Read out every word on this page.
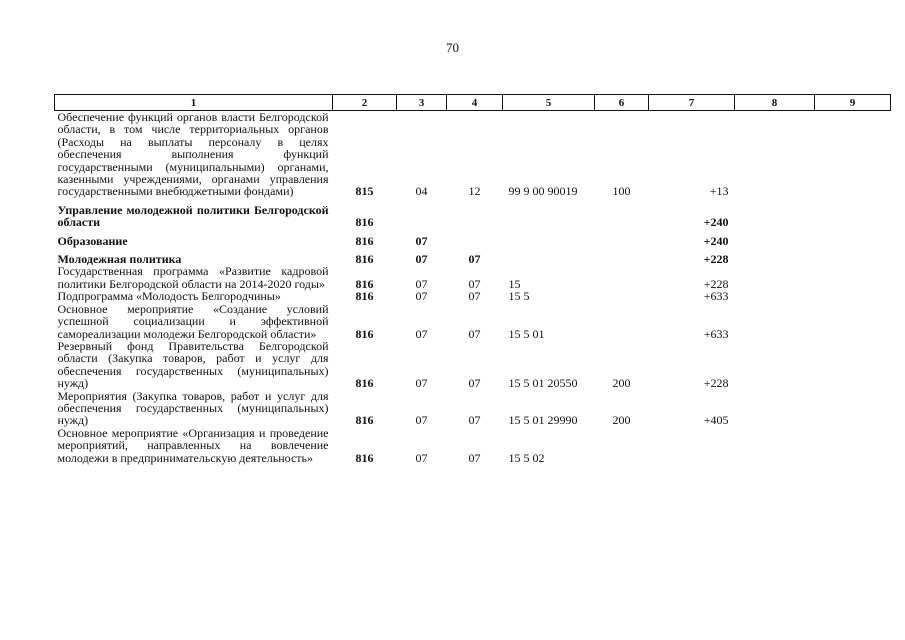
70
1	2	3	4	5	6	7	8	9
Обеспечение функций органов власти Белгородской области, в том числе территориальных органов (Расходы на выплаты персоналу в целях обеспечения выполнения функций государственными (муниципальными) органами, казенными учреждениями, органами управления государственными внебюджетными фондами)	815	04	12	99 9 00 90019	100	+13		

Управление молодежной политики Белгородской области	816					+240		

Образование	816	07				+240		

Молодежная политика	816	07	07			+228		
Государственная программа «Развитие кадровой политики Белгородской области на 2014-2020 годы»	816	07	07	15		+228		
Подпрограмма «Молодость Белгородчины»	816	07	07	15 5		+633		
Основное мероприятие «Создание условий успешной социализации и эффективной самореализации молодежи Белгородской области»	816	07	07	15 5 01		+633		
Резервный фонд Правительства Белгородской области (Закупка товаров, работ и услуг для обеспечения государственных (муниципальных) нужд)	816	07	07	15 5 01 20550	200	+228		
Мероприятия (Закупка товаров, работ и услуг для обеспечения государственных (муниципальных) нужд)	816	07	07	15 5 01 29990	200	+405		
Основное мероприятие «Организация и проведение мероприятий, направленных на вовлечение молодежи в предпринимательскую деятельность»	816	07	07	15 5 02				
